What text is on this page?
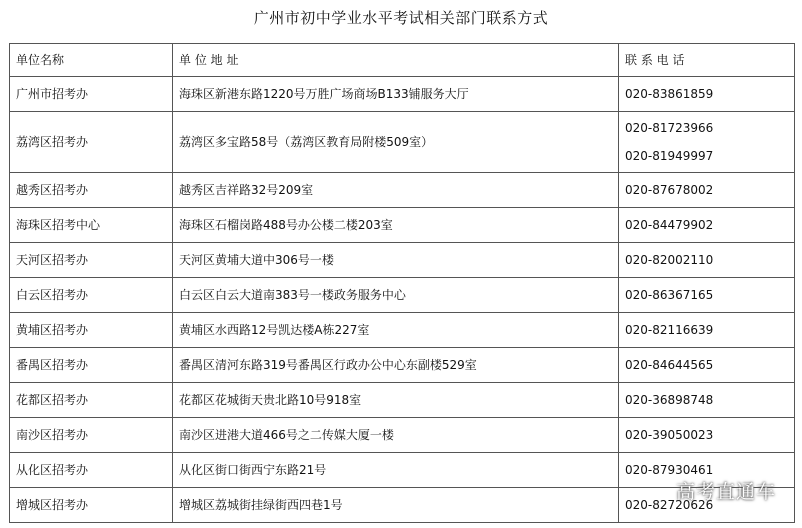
广州市初中学业水平考试相关部门联系方式
单位名称	单 位 地 址	联 系 电 话
广州市招考办	海珠区新港东路1220号万胜广场商场B133铺服务大厅	020-83861859

荔湾区招考办	荔湾区多宝路58号（荔湾区教育局附楼509室）	020-81723966
020-81949997

越秀区招考办	越秀区吉祥路32号209室	020-87678002

海珠区招考中心	海珠区石榴岗路488号办公楼二楼203室	020-84479902

天河区招考办	天河区黄埔大道中306号一楼	020-82002110

白云区招考办	白云区白云大道南383号一楼政务服务中心	020-86367165

黄埔区招考办	黄埔区水西路12号凯达楼A栋227室	020-82116639

番禺区招考办	番禺区清河东路319号番禺区行政办公中心东副楼529室	020-84644565

花都区招考办	花都区花城街天贵北路10号918室	020-36898748

南沙区招考办	南沙区进港大道466号之二传媒大厦一楼	020-39050023

从化区招考办	从化区街口街西宁东路21号	020-87930461

增城区招考办	增城区荔城街挂绿街西四巷1号	020-82720626
高考直通车
